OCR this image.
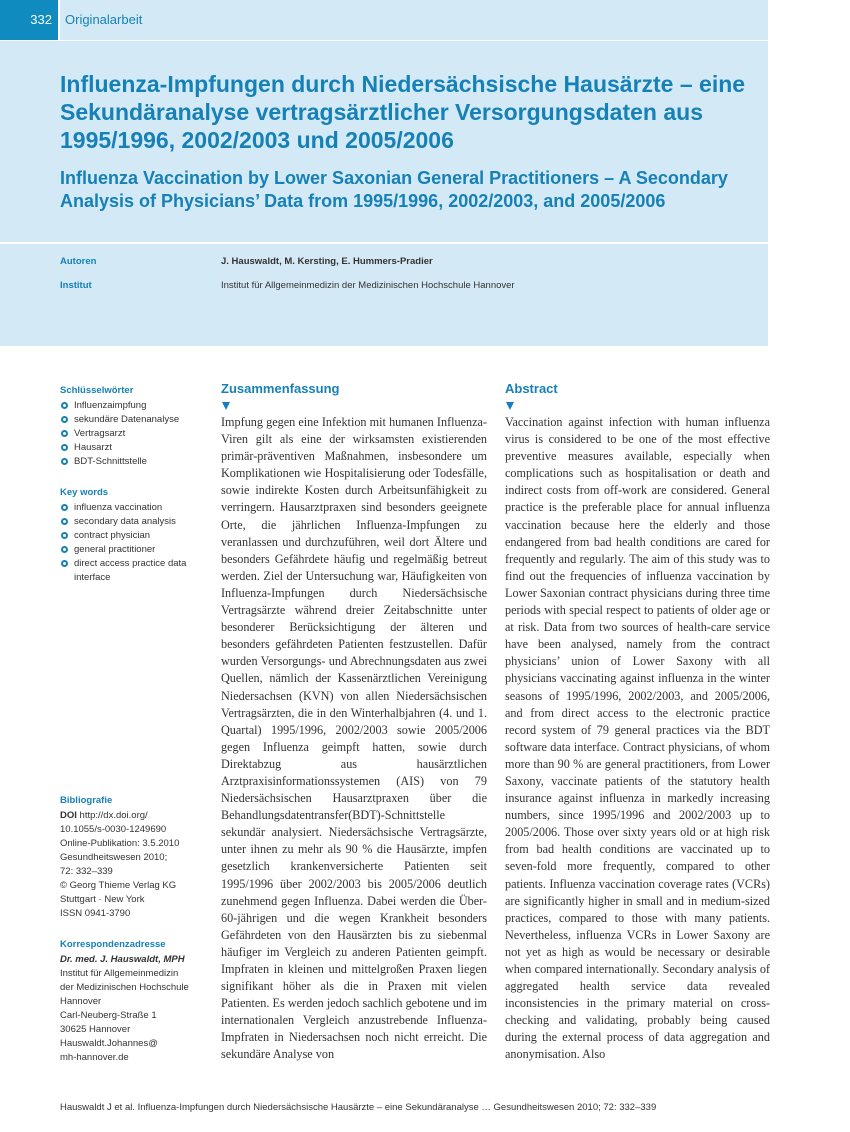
332	Originalarbeit
Influenza-Impfungen durch Niedersächsische Hausärzte – eine Sekundäranalyse vertragsärztlicher Versorgungsdaten aus 1995/1996, 2002/2003 und 2005/2006
Influenza Vaccination by Lower Saxonian General Practitioners – A Secondary Analysis of Physicians’ Data from 1995/1996, 2002/2003, and 2005/2006
Autoren	J. Hauswaldt, M. Kersting, E. Hummers-Pradier
Institut	Institut für Allgemeinmedizin der Medizinischen Hochschule Hannover
Schlüsselwörter
Influenzaimpfung
sekundäre Datenanalyse
Vertragsarzt
Hausarzt
BDT-Schnittstelle
Key words
influenza vaccination
secondary data analysis
contract physician
general practitioner
direct access practice data interface
Bibliografie
DOI http://dx.doi.org/
10.1055/s-0030-1249690
Online-Publikation: 3.5.2010
Gesundheitswesen 2010;
72: 332–339
© Georg Thieme Verlag KG
Stuttgart · New York
ISSN 0941-3790
Korrespondenzadresse
Dr. med. J. Hauswaldt, MPH
Institut für Allgemeinmedizin
der Medizinischen Hochschule
Hannover
Carl-Neuberg-Straße 1
30625 Hannover
Hauswaldt.Johannes@
mh-hannover.de
Zusammenfassung

Impfung gegen eine Infektion mit humanen Influenza-Viren gilt als eine der wirksamsten existierenden primär-präventiven Maßnahmen, insbesondere um Komplikationen wie Hospitalisierung oder Todesfälle, sowie indirekte Kosten durch Arbeitsunfähigkeit zu verringern. Hausarztpraxen sind besonders geeignete Orte, die jährlichen Influenza-Impfungen zu veranlassen und durchzuführen, weil dort Ältere und besonders Gefährdete häufig und regelmäßig betreut werden. Ziel der Untersuchung war, Häufigkeiten von Influenza-Impfungen durch Niedersächsische Vertragsärzte während dreier Zeitabschnitte unter besonderer Berücksichtigung der älteren und besonders gefährdeten Patienten festzustellen. Dafür wurden Versorgungs- und Abrechnungsdaten aus zwei Quellen, nämlich der Kassenärztlichen Vereinigung Niedersachsen (KVN) von allen Niedersächsischen Vertragsärzten, die in den Winterhalbjahren (4. und 1. Quartal) 1995/1996, 2002/2003 sowie 2005/2006 gegen Influenza geimpft hatten, sowie durch Direktabzug aus hausärztlichen Arztpraxisinformationssystemen (AIS) von 79 Niedersächsischen Hausarztpraxen über die Behandlungsdatentransfer(BDT)-Schnittstelle sekundär analysiert. Niedersächsische Vertragsärzte, unter ihnen zu mehr als 90 % die Hausärzte, impfen gesetzlich krankenversicherte Patienten seit 1995/1996 über 2002/2003 bis 2005/2006 deutlich zunehmend gegen Influenza. Dabei werden die Über-60-jährigen und die wegen Krankheit besonders Gefährdeten von den Hausärzten bis zu siebenmal häufiger im Vergleich zu anderen Patienten geimpft. Impfraten in kleinen und mittelgroßen Praxen liegen signifikant höher als die in Praxen mit vielen Patienten. Es werden jedoch sachlich gebotene und im internationalen Vergleich anzustrebende Influenza-Impfraten in Niedersachsen noch nicht erreicht. Die sekundäre Analyse von

Abstract

Vaccination against infection with human influenza virus is considered to be one of the most effective preventive measures available, especially when complications such as hospitalisation or death and indirect costs from off-work are considered. General practice is the preferable place for annual influenza vaccination because here the elderly and those endangered from bad health conditions are cared for frequently and regularly. The aim of this study was to find out the frequencies of influenza vaccination by Lower Saxonian contract physicians during three time periods with special respect to patients of older age or at risk. Data from two sources of health-care service have been analysed, namely from the contract physicians’ union of Lower Saxony with all physicians vaccinating against influenza in the winter seasons of 1995/1996, 2002/2003, and 2005/2006, and from direct access to the electronic practice record system of 79 general practices via the BDT software data interface. Contract physicians, of whom more than 90 % are general practitioners, from Lower Saxony, vaccinate patients of the statutory health insurance against influenza in markedly increasing numbers, since 1995/1996 and 2002/2003 up to 2005/2006. Those over sixty years old or at high risk from bad health conditions are vaccinated up to seven-fold more frequently, compared to other patients. Influenza vaccination coverage rates (VCRs) are significantly higher in small and in medium-sized practices, compared to those with many patients. Nevertheless, influenza VCRs in Lower Saxony are not yet as high as would be necessary or desirable when compared internationally. Secondary analysis of aggregated health service data revealed inconsistencies in the primary material on cross-checking and validating, probably being caused during the external process of data aggregation and anonymisation. Also

Hauswaldt J et al. Influenza-Impfungen durch Niedersächsische Hausärzte – eine Sekundäranalyse … Gesundheitswesen 2010; 72: 332–339
